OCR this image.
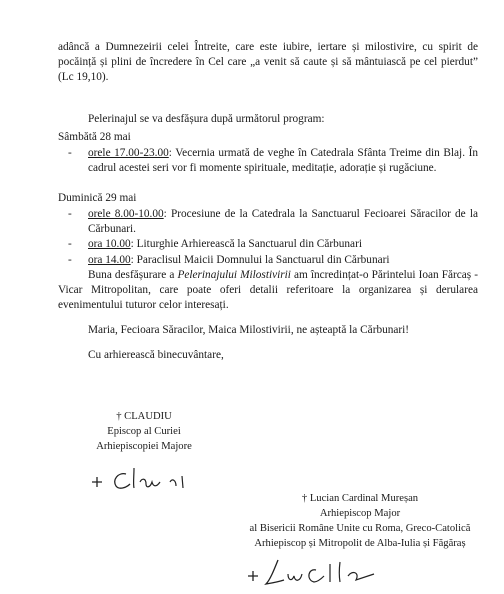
adâncă a Dumnezeirii celei Întreite, care este iubire, iertare și milostivire, cu spirit de pocăință și plini de încredere în Cel care „a venit să caute și să mântuiască pe cel pierdut” (Lc 19,10).

Pelerinajul se va desfășura după următorul program:
Sâmbătă 28 mai
-	orele 17.00-23.00: Vecernia urmată de veghe în Catedrala Sfânta Treime din Blaj. În cadrul acestei seri vor fi momente spirituale, meditație, adorație și rugăciune.
Duminică 29 mai
-	orele 8.00-10.00: Procesiune de la Catedrala la Sanctuarul Fecioarei Săracilor de la Cărbunari.
-	ora 10.00: Liturghie Arhierească la Sanctuarul din Cărbunari
-	ora 14.00: Paraclisul Maicii Domnului la Sanctuarul din Cărbunari

Buna desfășurare a Pelerinajului Milostivirii am încredințat-o Părintelui Ioan Fărcaș - Vicar Mitropolitan, care poate oferi detalii referitoare la organizarea și derularea evenimentului tuturor celor interesați.

Maria, Fecioara Săracilor, Maica Milostivirii, ne așteaptă la Cărbunari!

Cu arhierească binecuvântare,

† CLAUDIU
Episcop al Curiei
Arhiepiscopiei Majore
† Lucian Cardinal Mureșan
Arhiepiscop Major
al Bisericii Române Unite cu Roma, Greco-Catolică
Arhiepiscop și Mitropolit de Alba-Iulia și Făgăraș
